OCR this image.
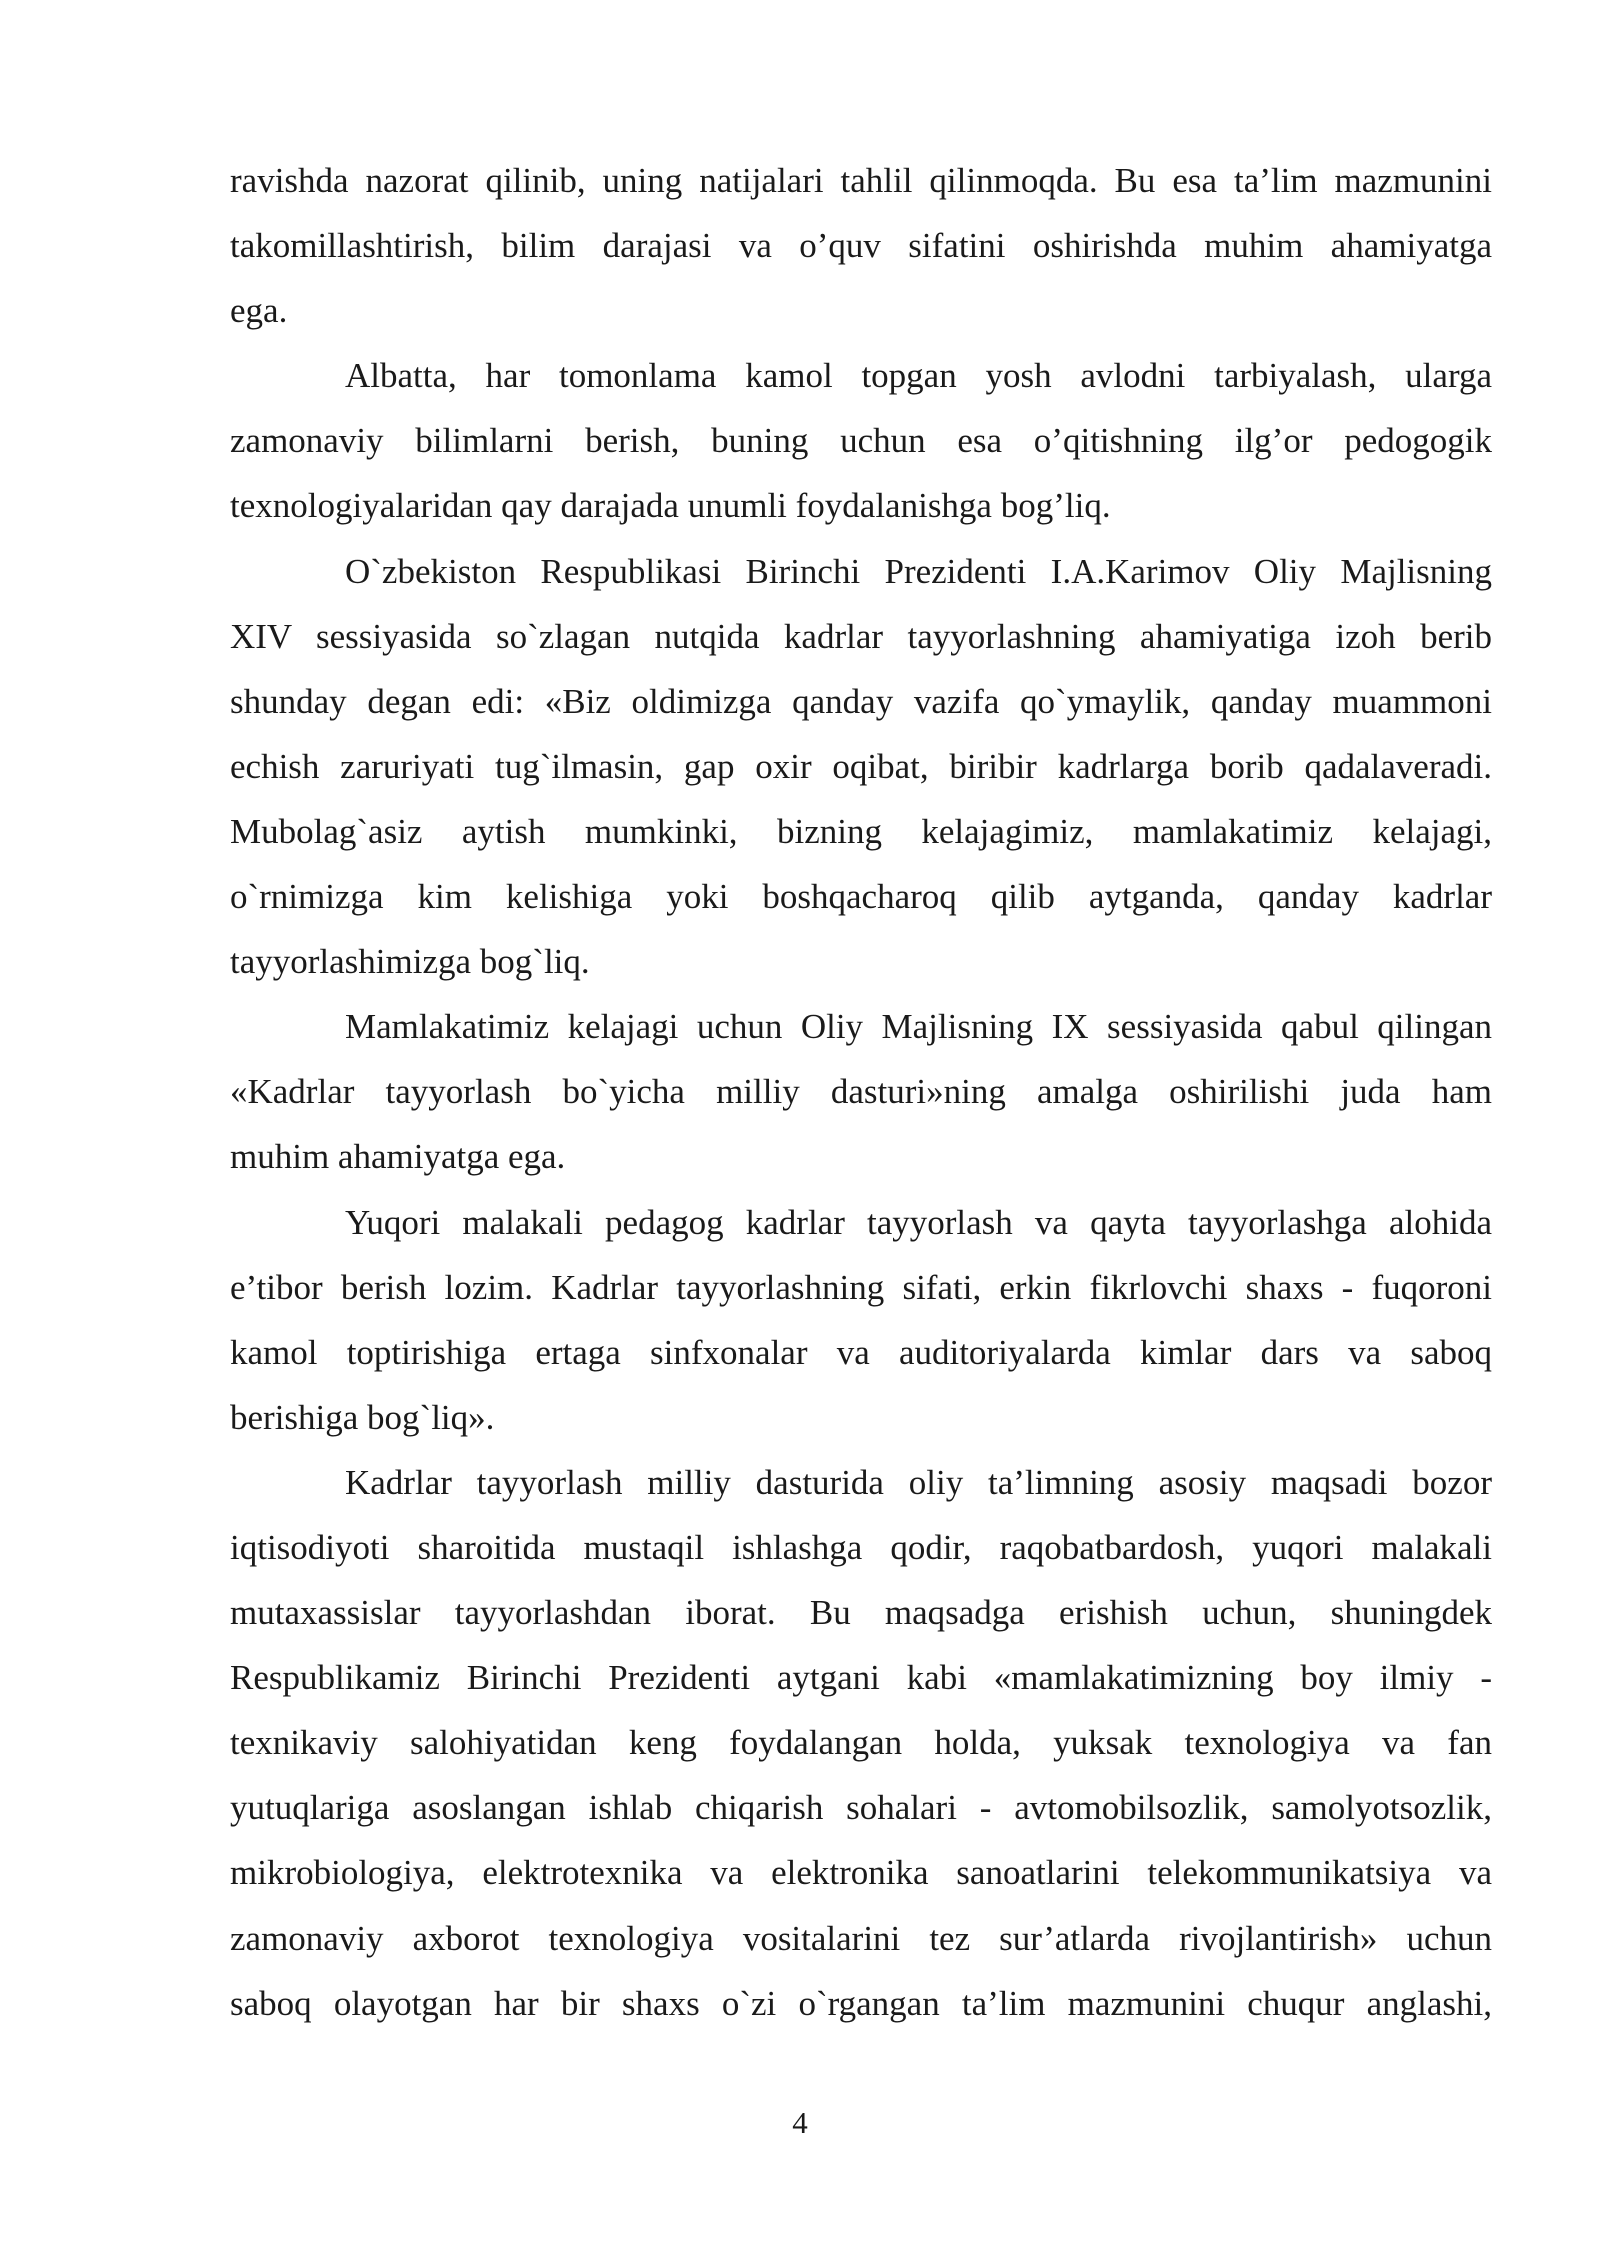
ravishda nazorat qilinib, uning natijalari tahlil qilinmoqda. Bu esa ta’lim mazmunini
takomillashtirish, bilim darajasi va o’quv sifatini oshirishda muhim ahamiyatga
ega.
Albatta, har tomonlama kamol topgan yosh avlodni tarbiyalash, ularga
zamonaviy bilimlarni berish, buning uchun esa o’qitishning ilg’or pedogogik
texnologiyalaridan qay darajada unumli foydalanishga bog’liq.
O`zbekiston Respublikasi Birinchi Prezidenti I.A.Karimov Oliy Majlisning
XIV sessiyasida so`zlagan nutqida kadrlar tayyorlashning ahamiyatiga izoh berib
shunday degan edi: «Biz oldimizga qanday vazifa qo`ymaylik, qanday muammoni
echish zaruriyati tug`ilmasin, gap oxir oqibat, biribir kadrlarga borib qadalaveradi.
Mubolag`asiz aytish mumkinki, bizning kelajagimiz, mamlakatimiz kelajagi,
o`rnimizga kim kelishiga yoki boshqacharoq qilib aytganda, qanday kadrlar
tayyorlashimizga bog`liq.
Mamlakatimiz kelajagi uchun Oliy Majlisning IX sessiyasida qabul qilingan
«Kadrlar tayyorlash bo`yicha milliy dasturi»ning amalga oshirilishi juda ham
muhim ahamiyatga ega.
Yuqori malakali pedagog kadrlar tayyorlash va qayta tayyorlashga alohida
e’tibor berish lozim. Kadrlar tayyorlashning sifati, erkin fikrlovchi shaxs - fuqoroni
kamol toptirishiga ertaga sinfxonalar va auditoriyalarda kimlar dars va saboq
berishiga bog`liq».
Kadrlar tayyorlash milliy dasturida oliy ta’limning asosiy maqsadi bozor
iqtisodiyoti sharoitida mustaqil ishlashga qodir, raqobatbardosh, yuqori malakali
mutaxassislar tayyorlashdan iborat. Bu maqsadga erishish uchun, shuningdek
Respublikamiz Birinchi Prezidenti aytgani kabi «mamlakatimizning boy ilmiy -
texnikaviy salohiyatidan keng foydalangan holda, yuksak texnologiya va fan
yutuqlariga asoslangan ishlab chiqarish sohalari - avtomobilsozlik, samolyotsozlik,
mikrobiologiya, elektrotexnika va elektronika sanoatlarini telekommunikatsiya va
zamonaviy axborot texnologiya vositalarini tez sur’atlarda rivojlantirish» uchun
saboq olayotgan har bir shaxs o`zi o`rgangan ta’lim mazmunini chuqur anglashi,
4
